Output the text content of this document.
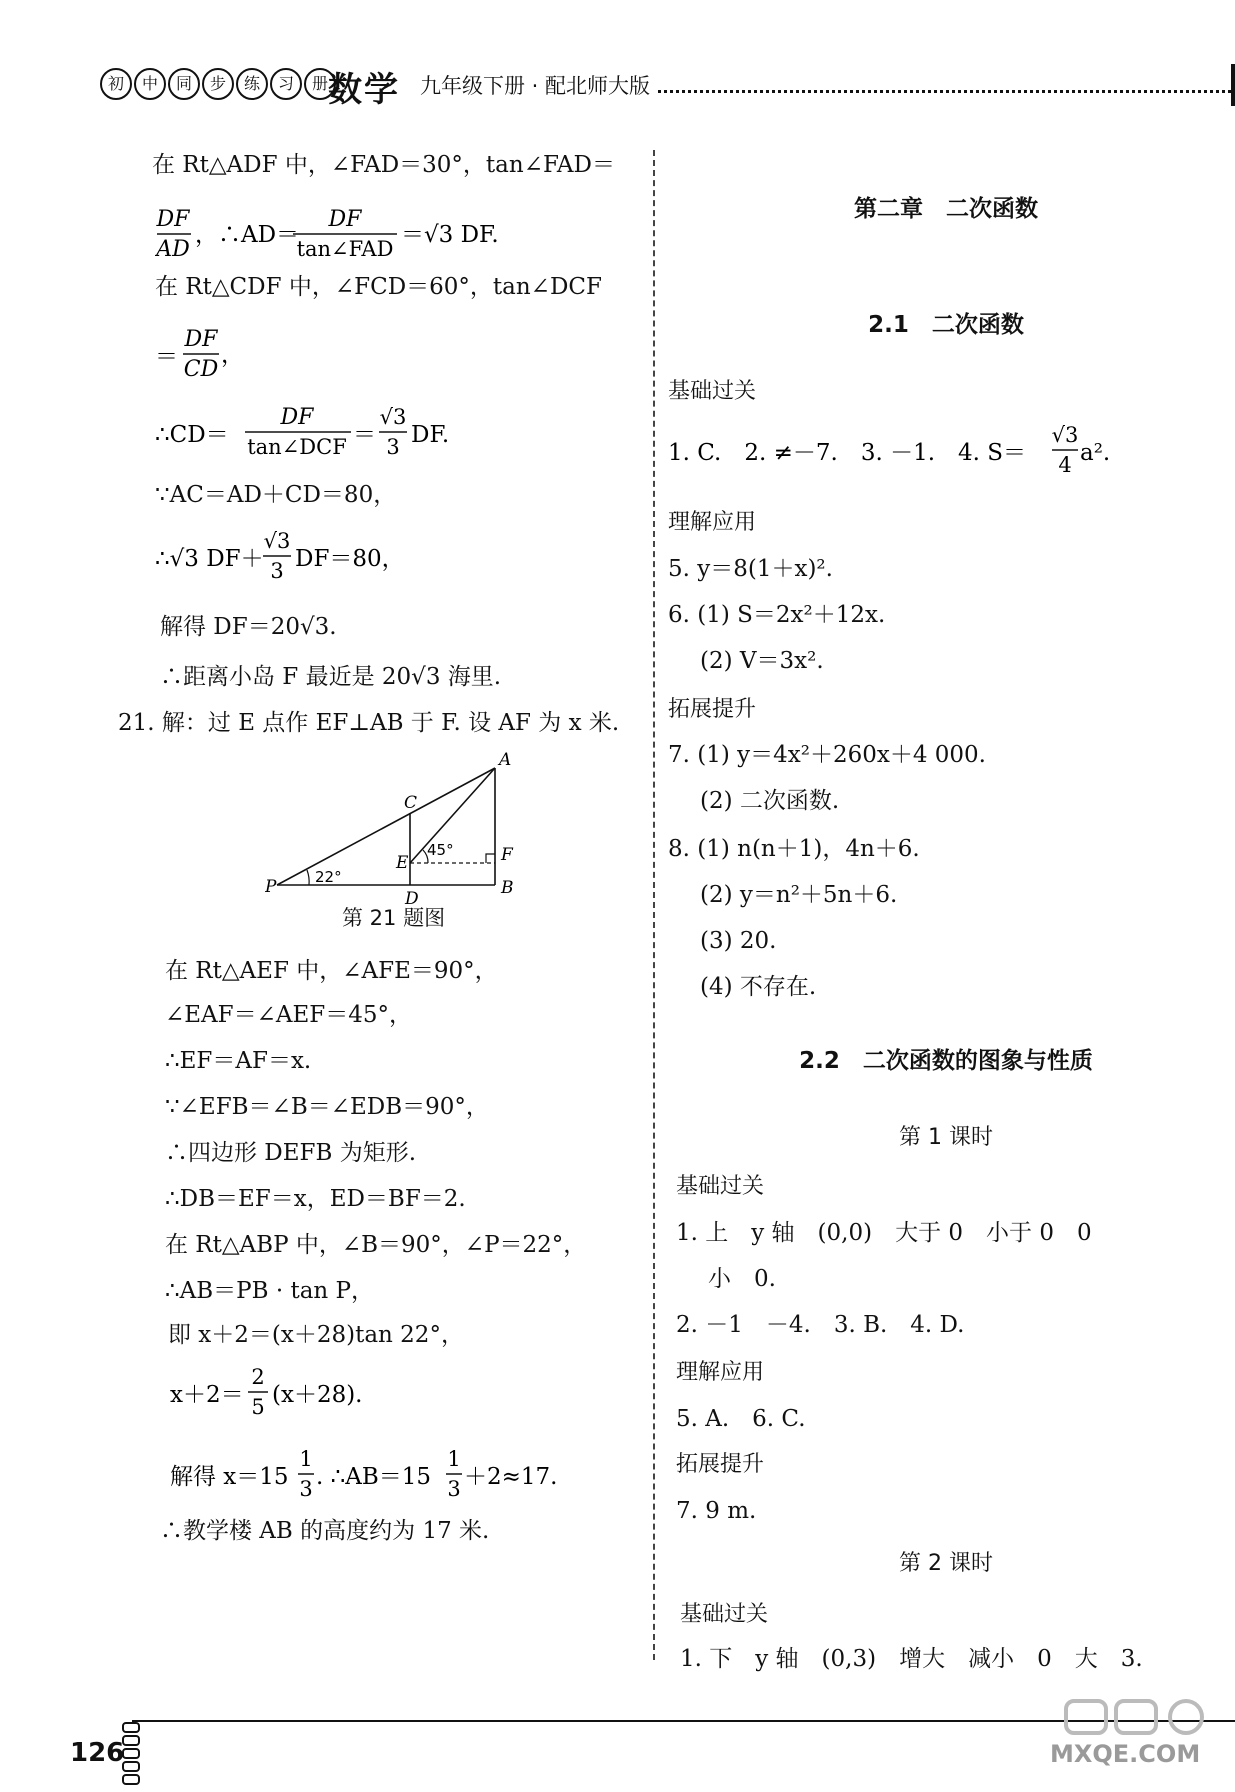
初	中	同	步	练	习	册 数学 九年级下册 · 配北师大版
在 Rt△ADF 中，∠FAD＝30°，tan∠FAD＝
DF
AD
，∴AD＝
DF
tan∠FAD
＝√3 DF.
在 Rt△CDF 中，∠FCD＝60°，tan∠DCF
＝
DF
CD
，
∴CD＝
DF
tan∠DCF ＝
√3
3 DF.
∵AC＝AD＋CD＝80，
∴√3 DF＋
√3
3 DF＝80，
解得 DF＝20√3.
∴距离小岛 F 最近是 20√3 海里.
21. 解：过 E 点作 EF⊥AB 于 F. 设 AF 为 x 米.
A
B
C
D
E	F
P	22°
45°
第 21 题图
在 Rt△AEF 中，∠AFE＝90°，
∠EAF＝∠AEF＝45°，
∴EF＝AF＝x.
∵∠EFB＝∠B＝∠EDB＝90°，
∴四边形 DEFB 为矩形.
∴DB＝EF＝x，ED＝BF＝2.
在 Rt△ABP 中，∠B＝90°，∠P＝22°，
∴AB＝PB · tan P，
即 x＋2＝(x＋28)tan 22°，
x＋2＝
2
5 (x＋28).
解得 x＝15
1
3 . ∴AB＝15
1
3 ＋2≈17.
∴教学楼 AB 的高度约为 17 米.
第二章　二次函数
2.1　二次函数
基础过关
1. C.　2. ≠－7.　3. －1.　4. S＝
√3
4 a².
理解应用
5. y＝8(1＋x)².
6. (1) S＝2x²＋12x.
(2) V＝3x².
拓展提升
7. (1) y＝4x²＋260x＋4 000.
(2) 二次函数.
8. (1) n(n＋1)，4n＋6.
(2) y＝n²＋5n＋6.
(3) 20.
(4) 不存在.
2.2　二次函数的图象与性质
第 1 课时
基础过关
1. 上　y 轴　(0,0)　大于 0　小于 0　0
小　0.
2. －1　－4.　3. B.　4. D.
理解应用
5. A.　6. C.
拓展提升
7. 9 m.
第 2 课时
基础过关
1. 下　y 轴　(0,3)　增大　减小　0　大　3.
126	MXQE.COM
